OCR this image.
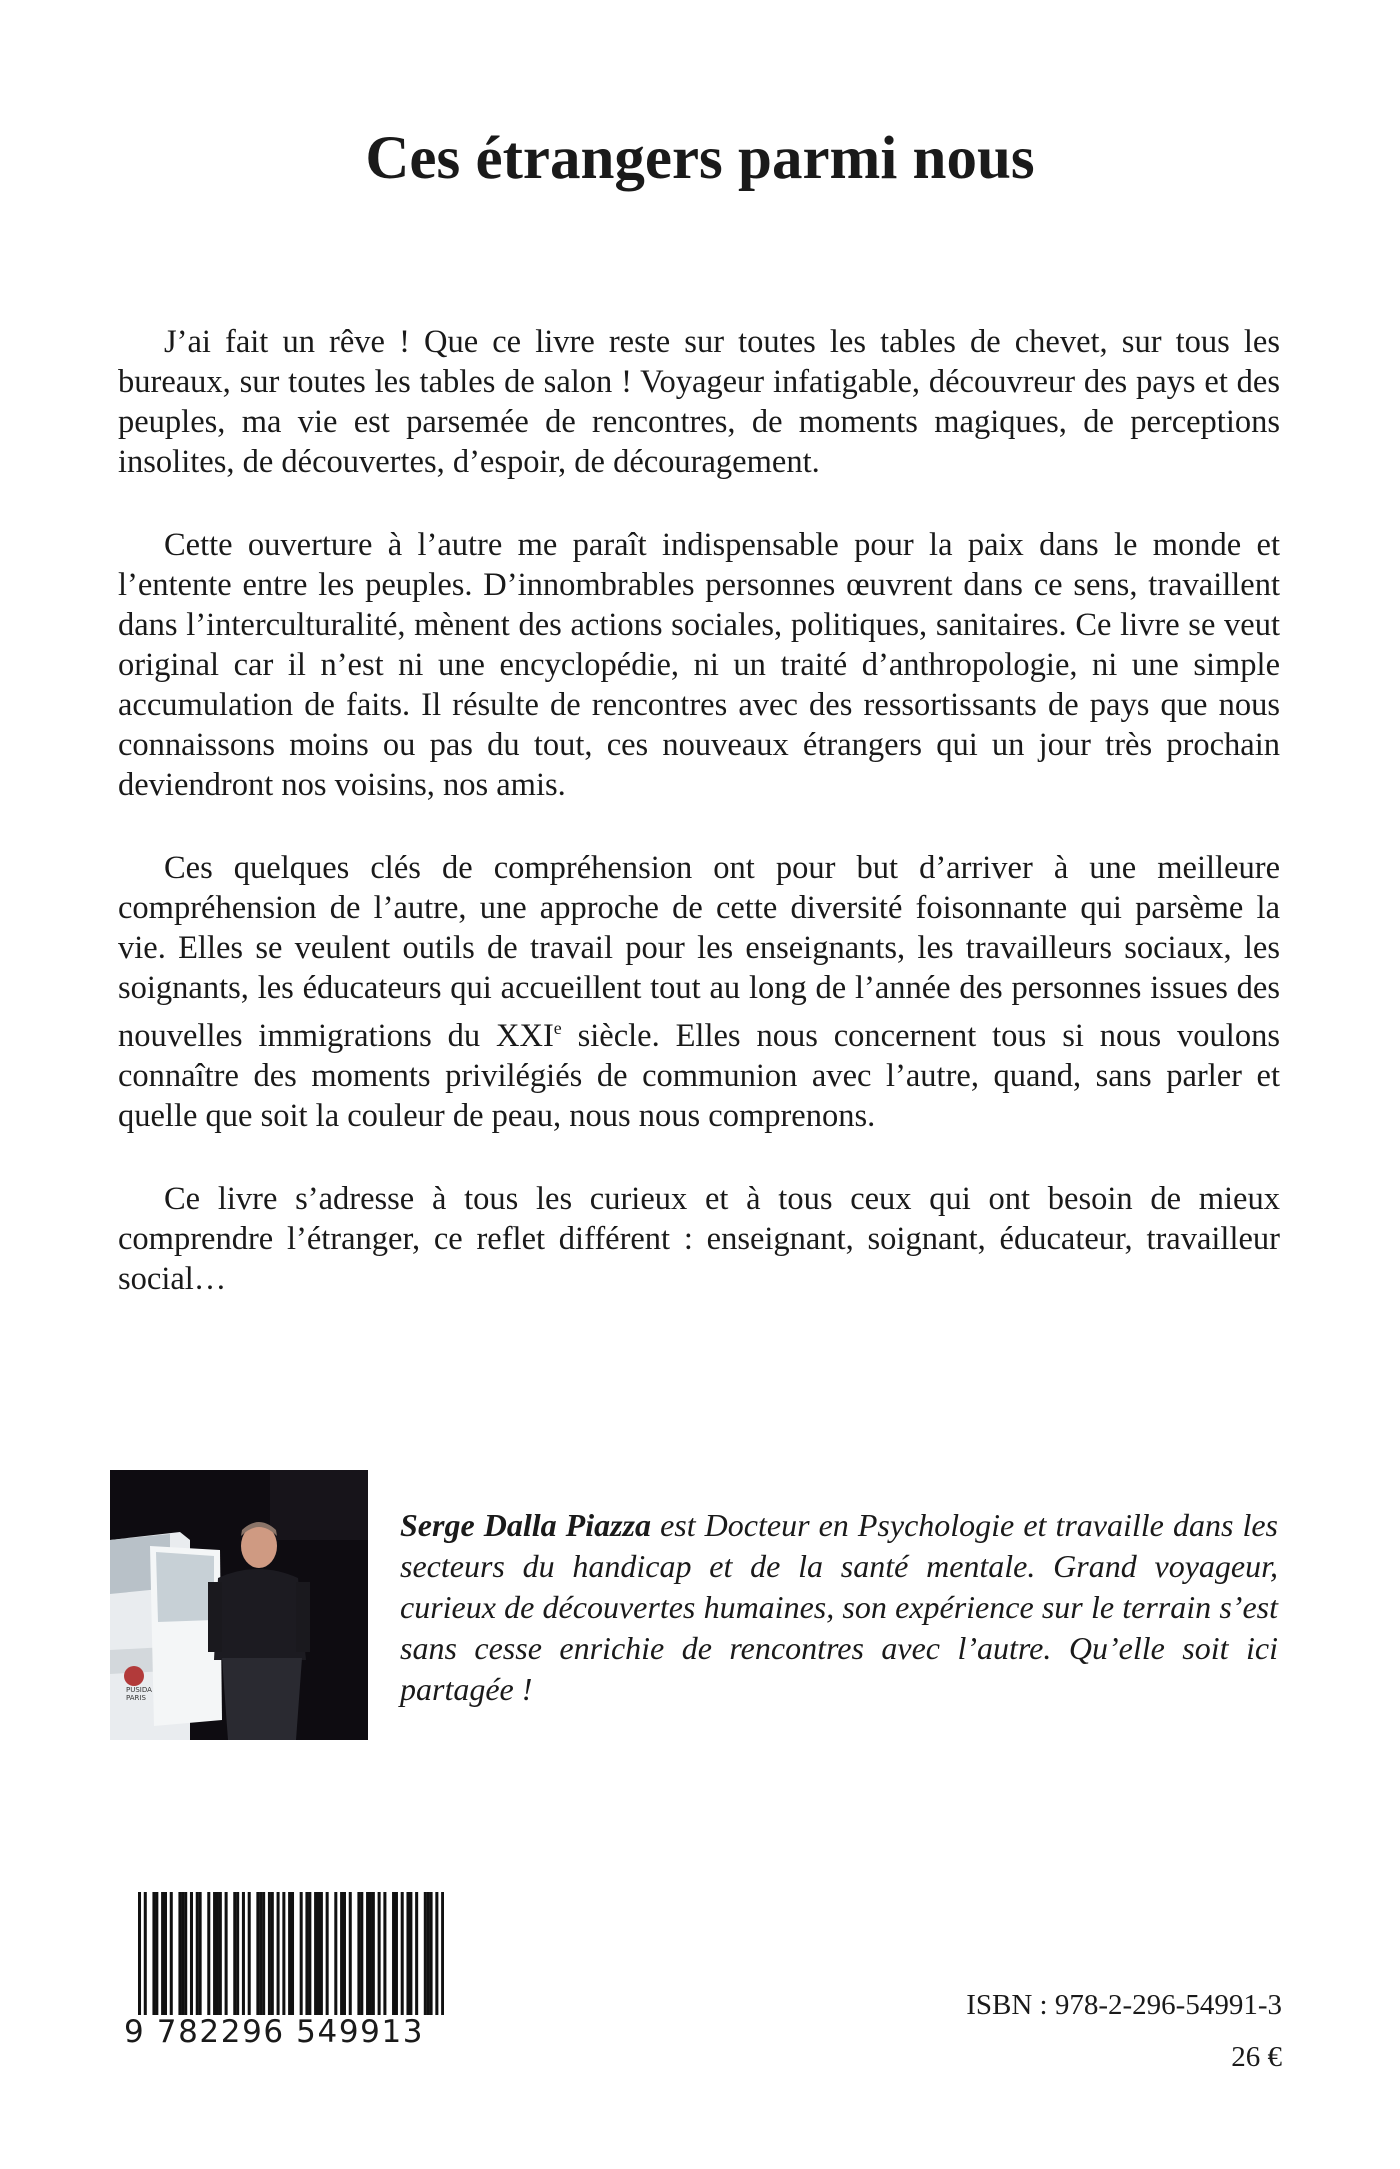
Ces étrangers parmi nous

J’ai fait un rêve ! Que ce livre reste sur toutes les tables de chevet, sur tous les bureaux, sur toutes les tables de salon ! Voyageur infatigable, découvreur des pays et des peuples, ma vie est parsemée de rencontres, de moments magiques, de perceptions insolites, de découvertes, d’espoir, de découragement.

Cette ouverture à l’autre me paraît indispensable pour la paix dans le monde et l’entente entre les peuples. D’innombrables personnes œuvrent dans ce sens, travaillent dans l’interculturalité, mènent des actions sociales, politiques, sanitaires. Ce livre se veut original car il n’est ni une encyclopédie, ni un traité d’anthropologie, ni une simple accumulation de faits. Il résulte de rencontres avec des ressortissants de pays que nous connaissons moins ou pas du tout, ces nouveaux étrangers qui un jour très prochain deviendront nos voisins, nos amis.

Ces quelques clés de compréhension ont pour but d’arriver à une meilleure compréhension de l’autre, une approche de cette diversité foisonnante qui parsème la vie. Elles se veulent outils de travail pour les enseignants, les travailleurs sociaux, les soignants, les éducateurs qui accueillent tout au long de l’année des personnes issues des nouvelles immigrations du XXIe siècle. Elles nous concernent tous si nous voulons connaître des moments privilégiés de communion avec l’autre, quand, sans parler et quelle que soit la couleur de peau, nous nous comprenons.

Ce livre s’adresse à tous les curieux et à tous ceux qui ont besoin de mieux comprendre l’étranger, ce reflet différent : enseignant, soignant, éducateur, travailleur social…

PUSIDA
PARIS
Serge Dalla Piazza est Docteur en Psychologie et travaille dans les secteurs du handicap et de la santé mentale. Grand voyageur, curieux de découvertes humaines, son expérience sur le terrain s’est sans cesse enrichie de rencontres avec l’autre. Qu’elle soit ici partagée !
9 782296 549913
ISBN : 978-2-296-54991-3
26 €
